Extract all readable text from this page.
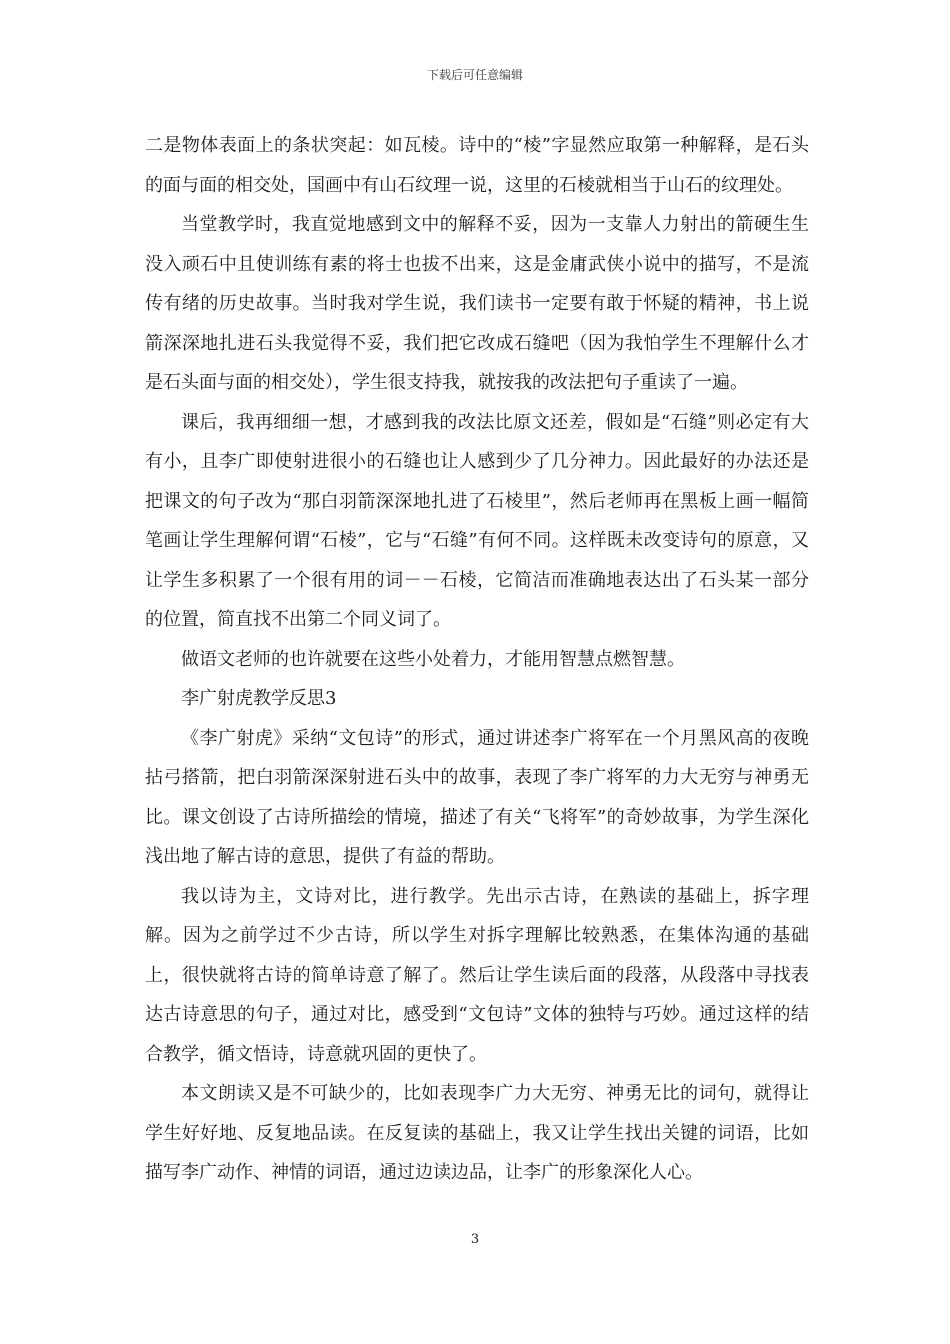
下载后可任意编辑

二是物体表面上的条状突起：如瓦棱。诗中的“棱”字显然应取第一种解释，是石头的面与面的相交处，国画中有山石纹理一说，这里的石棱就相当于山石的纹理处。

当堂教学时，我直觉地感到文中的解释不妥，因为一支靠人力射出的箭硬生生没入顽石中且使训练有素的将士也拔不出来，这是金庸武侠小说中的描写，不是流传有绪的历史故事。当时我对学生说，我们读书一定要有敢于怀疑的精神，书上说箭深深地扎进石头我觉得不妥，我们把它改成石缝吧（因为我怕学生不理解什么才是石头面与面的相交处），学生很支持我，就按我的改法把句子重读了一遍。

课后，我再细细一想，才感到我的改法比原文还差，假如是“石缝”则必定有大有小，且李广即使射进很小的石缝也让人感到少了几分神力。因此最好的办法还是把课文的句子改为“那白羽箭深深地扎进了石棱里”，然后老师再在黑板上画一幅简笔画让学生理解何谓“石棱”，它与“石缝”有何不同。这样既未改变诗句的原意，又让学生多积累了一个很有用的词－－石棱，它简洁而准确地表达出了石头某一部分的位置，简直找不出第二个同义词了。

做语文老师的也许就要在这些小处着力，才能用智慧点燃智慧。

李广射虎教学反思3

《李广射虎》采纳“文包诗”的形式，通过讲述李广将军在一个月黑风高的夜晚拈弓搭箭，把白羽箭深深射进石头中的故事，表现了李广将军的力大无穷与神勇无比。课文创设了古诗所描绘的情境，描述了有关“飞将军”的奇妙故事，为学生深化浅出地了解古诗的意思，提供了有益的帮助。

我以诗为主，文诗对比，进行教学。先出示古诗，在熟读的基础上，拆字理解。因为之前学过不少古诗，所以学生对拆字理解比较熟悉，在集体沟通的基础上，很快就将古诗的简单诗意了解了。然后让学生读后面的段落，从段落中寻找表达古诗意思的句子，通过对比，感受到“文包诗”文体的独特与巧妙。通过这样的结合教学，循文悟诗，诗意就巩固的更快了。

本文朗读又是不可缺少的，比如表现李广力大无穷、神勇无比的词句，就得让学生好好地、反复地品读。在反复读的基础上，我又让学生找出关键的词语，比如描写李广动作、神情的词语，通过边读边品，让李广的形象深化人心。

3
